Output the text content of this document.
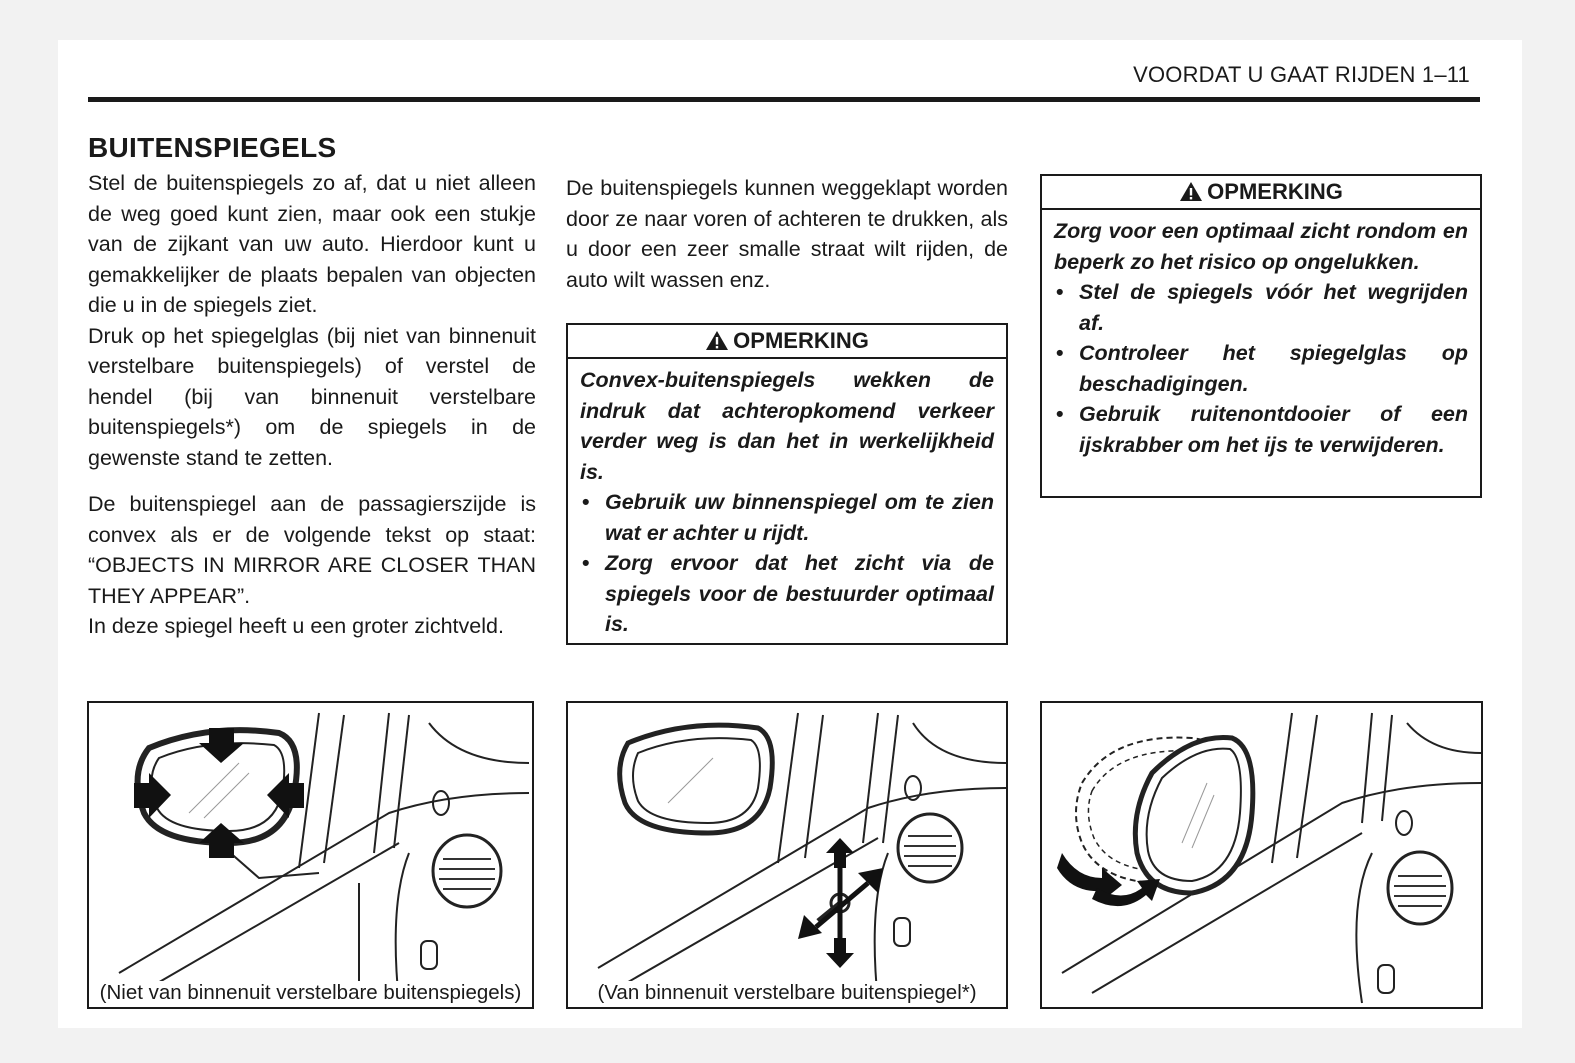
VOORDAT U GAAT RIJDEN 1–11
BUITENSPIEGELS

Stel de buitenspiegels zo af, dat u niet alleen de weg goed kunt zien, maar ook een stukje van de zijkant van uw auto. Hierdoor kunt u gemakkelijker de plaats bepalen van objecten die u in de spiegels ziet.

Druk op het spiegelglas (bij niet van binnenuit verstelbare buitenspiegels) of verstel de hendel (bij van binnenuit verstelbare buitenspiegels*) om de spiegels in de gewenste stand te zetten.

De buitenspiegel aan de passagierszijde is convex als er de volgende tekst op staat: “OBJECTS IN MIRROR ARE CLOSER THAN THEY APPEAR”.

In deze spiegel heeft u een groter zichtveld.

De buitenspiegels kunnen weggeklapt worden door ze naar voren of achteren te drukken, als u door een zeer smalle straat wilt rijden, de auto wilt wassen enz.

OPMERKING
Convex-buitenspiegels wekken de indruk dat achteropkomend verkeer verder weg is dan het in werkelijkheid is.
• Gebruik uw binnenspiegel om te zien wat er achter u rijdt.
• Zorg ervoor dat het zicht via de spiegels voor de bestuurder optimaal is.
OPMERKING
Zorg voor een optimaal zicht rondom en beperk zo het risico op ongelukken.
• Stel de spiegels vóór het wegrijden af.
• Controleer het spiegelglas op beschadigingen.
• Gebruik ruitenontdooier of een ijskrabber om het ijs te verwijderen.
(Niet van binnenuit verstelbare buitenspiegels)	(Van binnenuit verstelbare buitenspiegel*)
